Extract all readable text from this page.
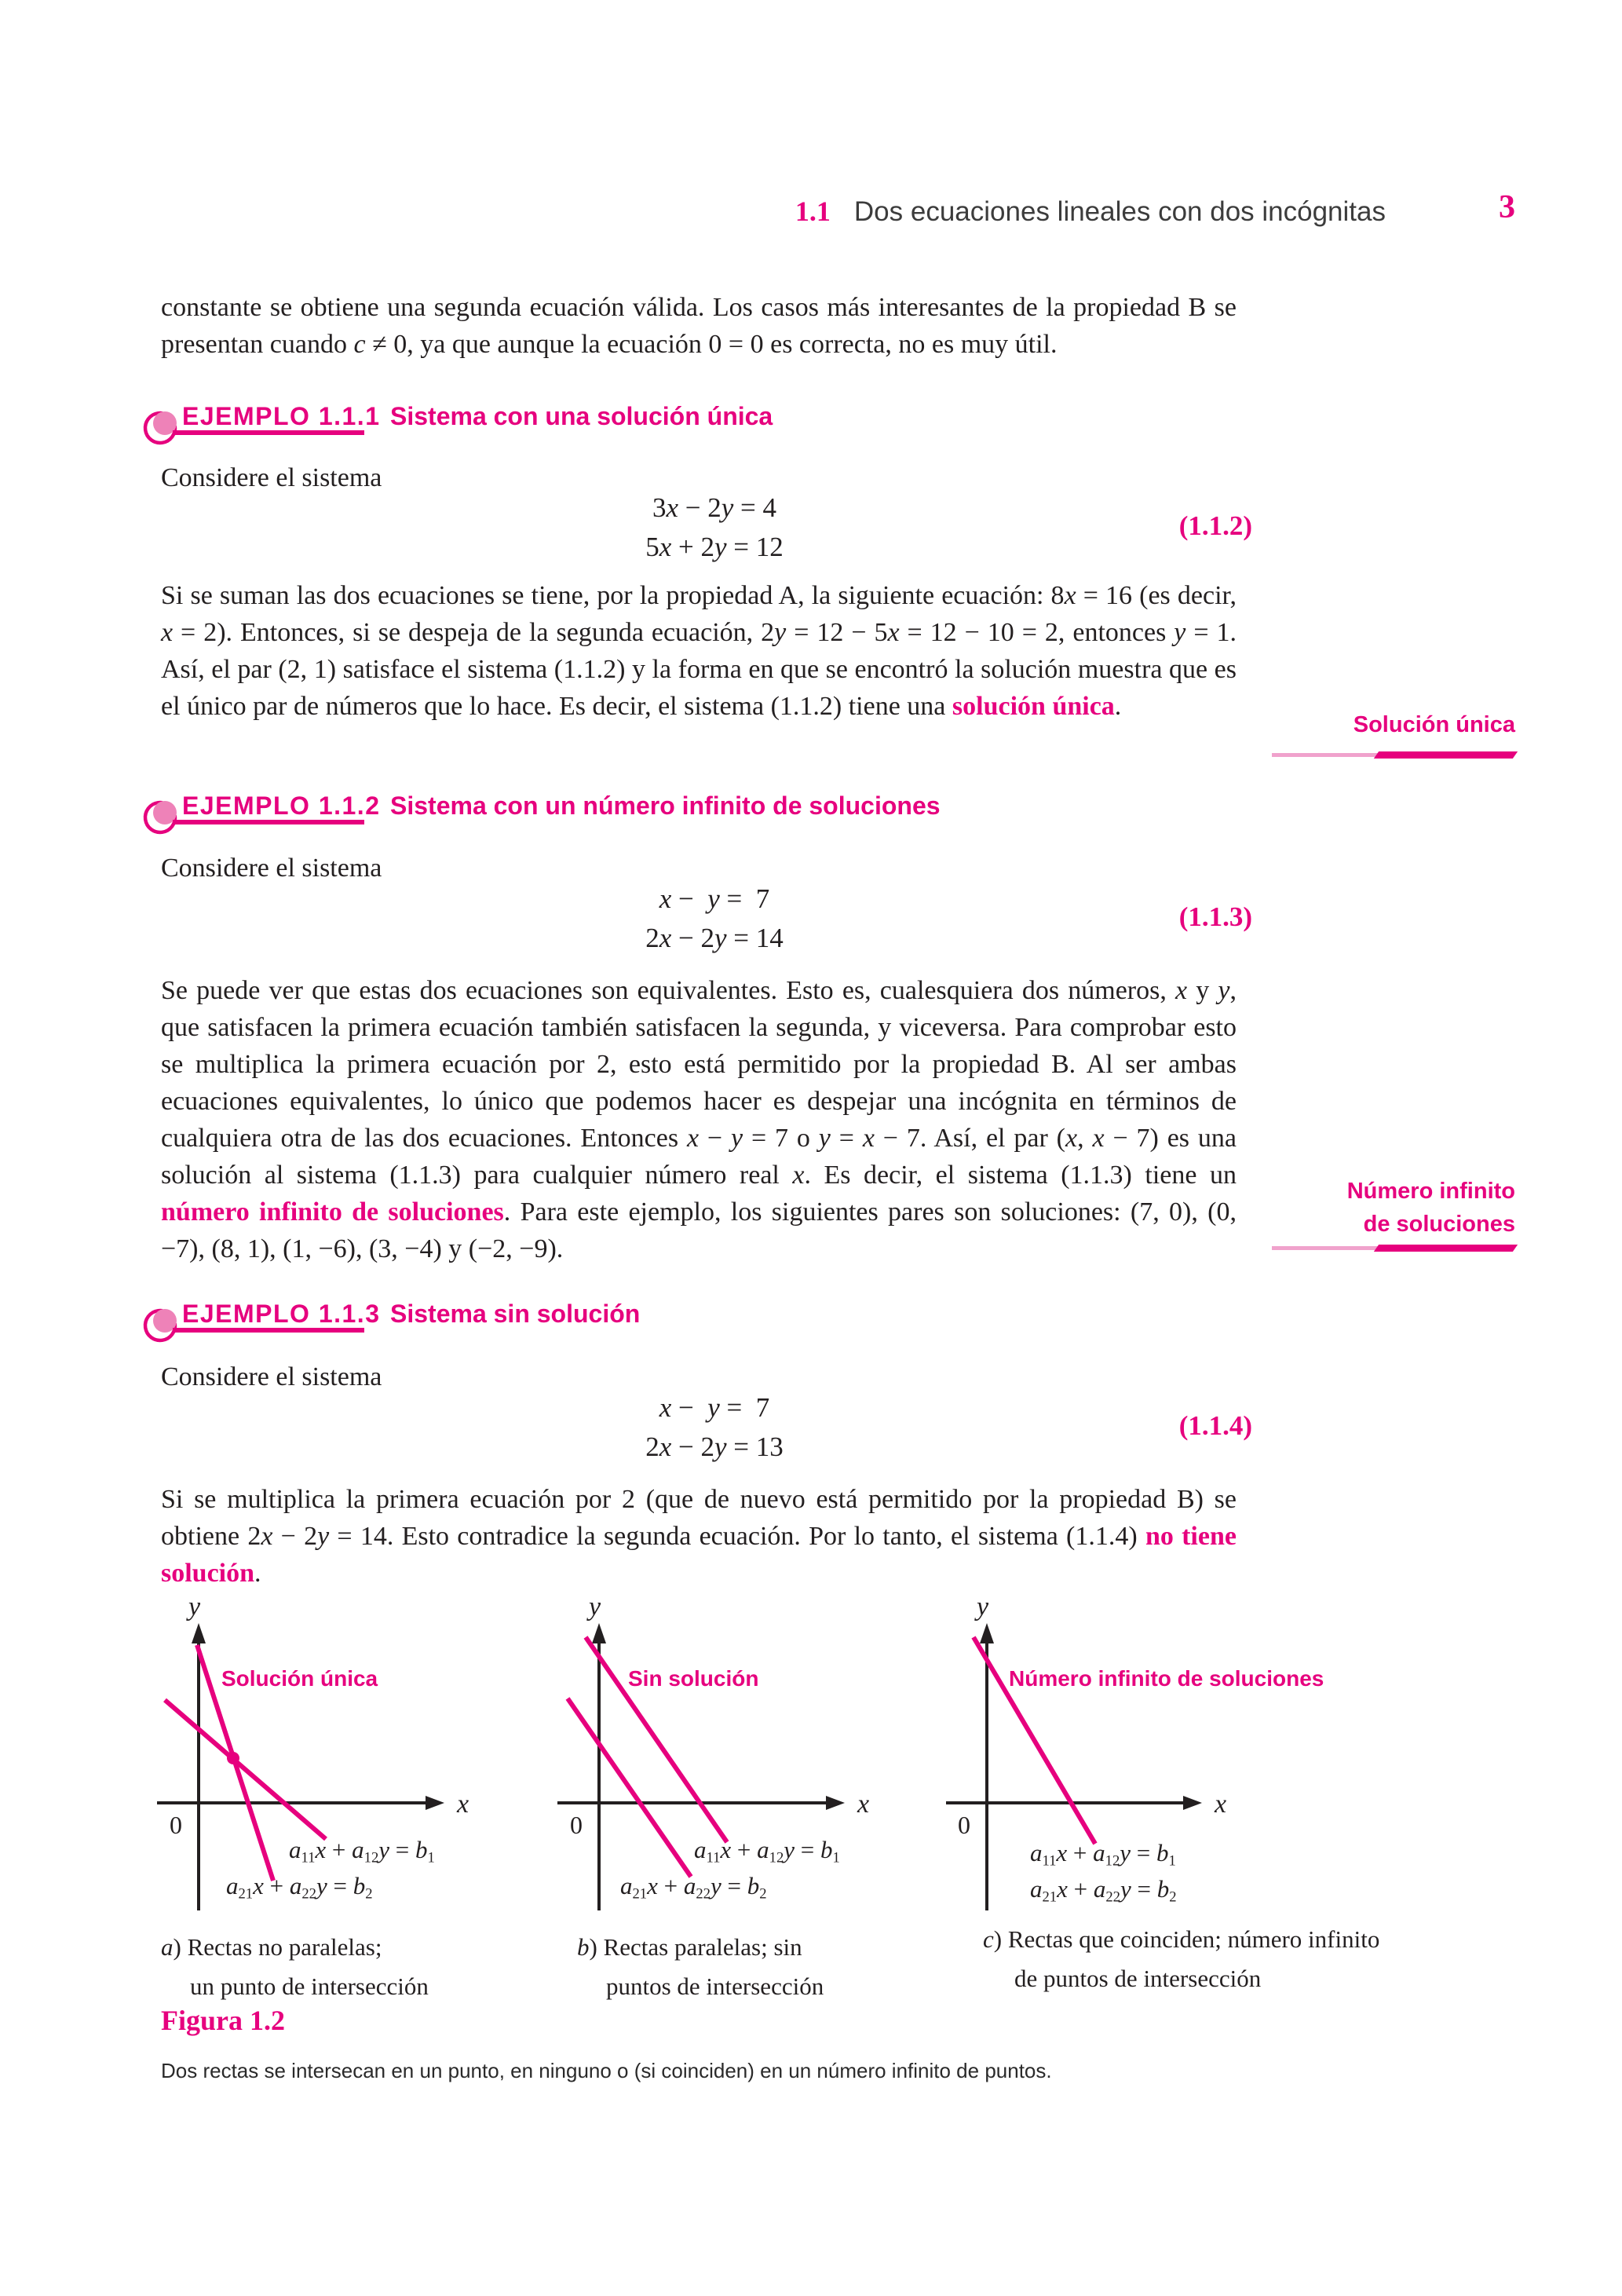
1.1 Dos ecuaciones lineales con dos incógnitas	3
constante se obtiene una segunda ecuación válida. Los casos más interesantes de la propiedad B se presentan cuando c ≠ 0, ya que aunque la ecuación 0 = 0 es correcta, no es muy útil.
EJEMPLO 1.1.1 Sistema con una solución única
Considere el sistema
3x − 2y = 4
5x + 2y = 12
(1.1.2)
Si se suman las dos ecuaciones se tiene, por la propiedad A, la siguiente ecuación: 8x = 16 (es decir, x = 2). Entonces, si se despeja de la segunda ecuación, 2y = 12 − 5x = 12 − 10 = 2, entonces y = 1. Así, el par (2, 1) satisface el sistema (1.1.2) y la forma en que se encontró la solución muestra que es el único par de números que lo hace. Es decir, el sistema (1.1.2) tiene una solución única.
Solución única
EJEMPLO 1.1.2 Sistema con un número infinito de soluciones
Considere el sistema
x −  y =  7
2x − 2y = 14
(1.1.3)
Se puede ver que estas dos ecuaciones son equivalentes. Esto es, cualesquiera dos números, x y y, que satisfacen la primera ecuación también satisfacen la segunda, y viceversa. Para comprobar esto se multiplica la primera ecuación por 2, esto está permitido por la propiedad B. Al ser ambas ecuaciones equivalentes, lo único que podemos hacer es despejar una incógnita en términos de cualquiera otra de las dos ecuaciones. Entonces x − y = 7 o y = x − 7. Así, el par (x, x − 7) es una solución al sistema (1.1.3) para cualquier número real x. Es decir, el sistema (1.1.3) tiene un número infinito de soluciones. Para este ejemplo, los siguientes pares son soluciones: (7, 0), (0, −7), (8, 1), (1, −6), (3, −4) y (−2, −9).
Número infinito
de soluciones
EJEMPLO 1.1.3 Sistema sin solución
Considere el sistema
x −  y =  7
2x − 2y = 13
(1.1.4)
Si se multiplica la primera ecuación por 2 (que de nuevo está permitido por la propiedad B) se obtiene 2x − 2y = 14. Esto contradice la segunda ecuación. Por lo tanto, el sistema (1.1.4) no tiene solución.
y
x
0
Solución única
a11x + a12y = b1
a21x + a22y = b2
a) Rectas no paralelas;
un punto de intersección
y
x
0
Sin solución
a11x + a12y = b1
a21x + a22y = b2
b) Rectas paralelas; sin
puntos de intersección
y
x
0
Número infinito de soluciones
a11x + a12y = b1
a21x + a22y = b2
c) Rectas que coinciden; número infinito
de puntos de intersección
Figura 1.2
Dos rectas se intersecan en un punto, en ninguno o (si coinciden) en un número infinito de puntos.
